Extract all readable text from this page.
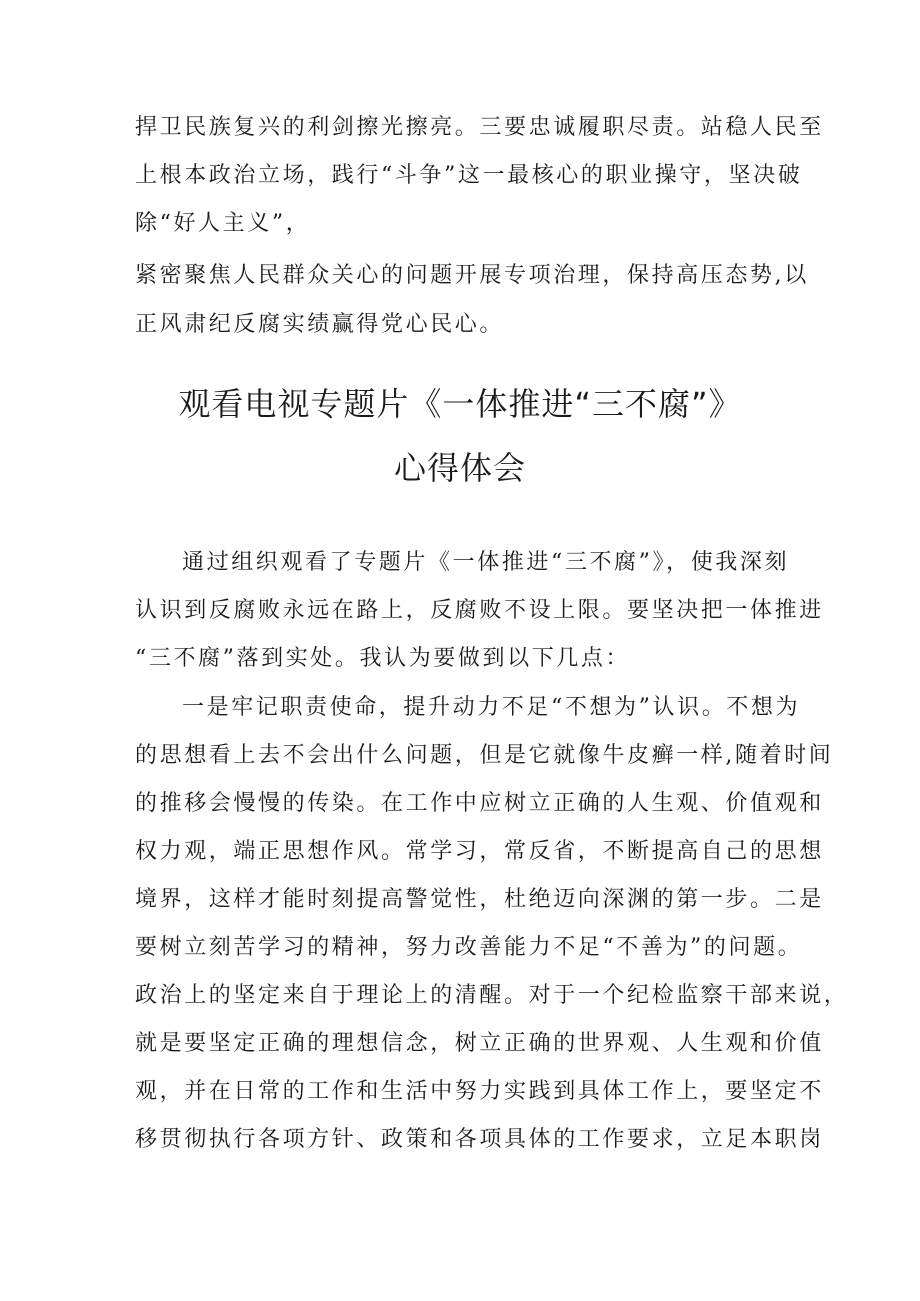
捍卫民族复兴的利剑擦光擦亮。三要忠诚履职尽责。站稳人民至
上根本政治立场，践行“斗争”这一最核心的职业操守，坚决破
除“好人主义”，
紧密聚焦人民群众关心的问题开展专项治理，保持高压态势,以
正风肃纪反腐实绩赢得党心民心。
观看电视专题片《一体推进“三不腐”》
心得体会
通过组织观看了专题片《一体推进“三不腐”》，使我深刻
认识到反腐败永远在路上，反腐败不设上限。要坚决把一体推进
“三不腐”落到实处。我认为要做到以下几点：
一是牢记职责使命，提升动力不足“不想为”认识。不想为
的思想看上去不会出什么问题，但是它就像牛皮癣一样,随着时间
的推移会慢慢的传染。在工作中应树立正确的人生观、价值观和
权力观，端正思想作风。常学习，常反省，不断提高自己的思想
境界，这样才能时刻提高警觉性，杜绝迈向深渊的第一步。二是
要树立刻苦学习的精神，努力改善能力不足“不善为”的问题。
政治上的坚定来自于理论上的清醒。对于一个纪检监察干部来说，
就是要坚定正确的理想信念，树立正确的世界观、人生观和价值
观，并在日常的工作和生活中努力实践到具体工作上，要坚定不
移贯彻执行各项方针、政策和各项具体的工作要求，立足本职岗
